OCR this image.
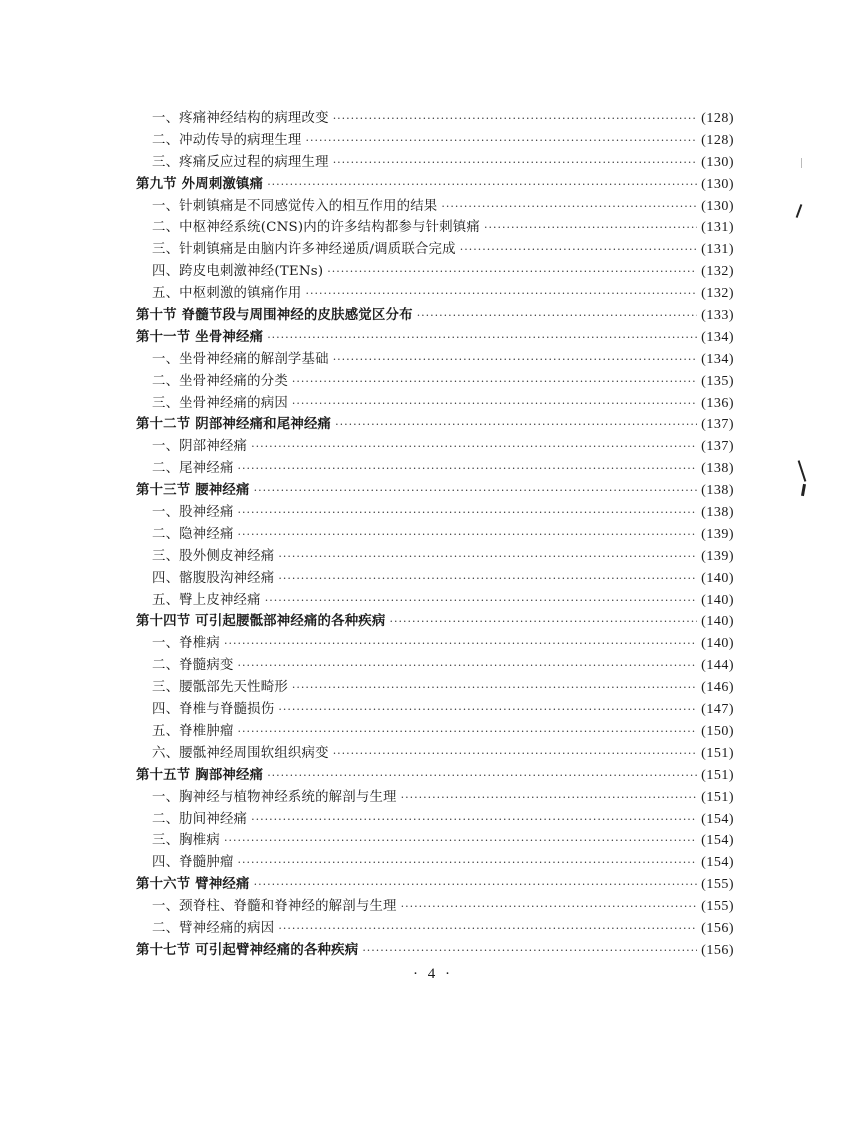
一、疼痛神经结构的病理改变 ·····	(128)
二、冲动传导的病理生理 ·····	(128)
三、疼痛反应过程的病理生理 ·····	(130)
第九节 外周刺激镇痛 ·····	(130)
一、针刺镇痛是不同感觉传入的相互作用的结果 ·····	(130)
二、中枢神经系统(CNS)内的许多结构都参与针刺镇痛 ·····	(131)
三、针刺镇痛是由脑内许多神经递质/调质联合完成 ·····	(131)
四、跨皮电刺激神经(TENs) ·····	(132)
五、中枢刺激的镇痛作用 ·····	(132)
第十节 脊髓节段与周围神经的皮肤感觉区分布 ·····	(133)
第十一节 坐骨神经痛 ·····	(134)
一、坐骨神经痛的解剖学基础 ·····	(134)
二、坐骨神经痛的分类 ·····	(135)
三、坐骨神经痛的病因 ·····	(136)
第十二节 阴部神经痛和尾神经痛 ·····	(137)
一、阴部神经痛 ·····	(137)
二、尾神经痛 ·····	(138)
第十三节 腰神经痛 ·····	(138)
一、股神经痛 ·····	(138)
二、隐神经痛 ·····	(139)
三、股外侧皮神经痛 ·····	(139)
四、髂腹股沟神经痛 ·····	(140)
五、臀上皮神经痛 ·····	(140)
第十四节 可引起腰骶部神经痛的各种疾病 ·····	(140)
一、脊椎病 ·····	(140)
二、脊髓病变 ·····	(144)
三、腰骶部先天性畸形 ·····	(146)
四、脊椎与脊髓损伤 ·····	(147)
五、脊椎肿瘤 ·····	(150)
六、腰骶神经周围软组织病变 ·····	(151)
第十五节 胸部神经痛 ·····	(151)
一、胸神经与植物神经系统的解剖与生理 ·····	(151)
二、肋间神经痛 ·····	(154)
三、胸椎病 ·····	(154)
四、脊髓肿瘤 ·····	(154)
第十六节 臂神经痛 ·····	(155)
一、颈脊柱、脊髓和脊神经的解剖与生理 ·····	(155)
二、臂神经痛的病因 ·····	(156)
第十七节 可引起臂神经痛的各种疾病 ·····	(156)
· 4 ·
